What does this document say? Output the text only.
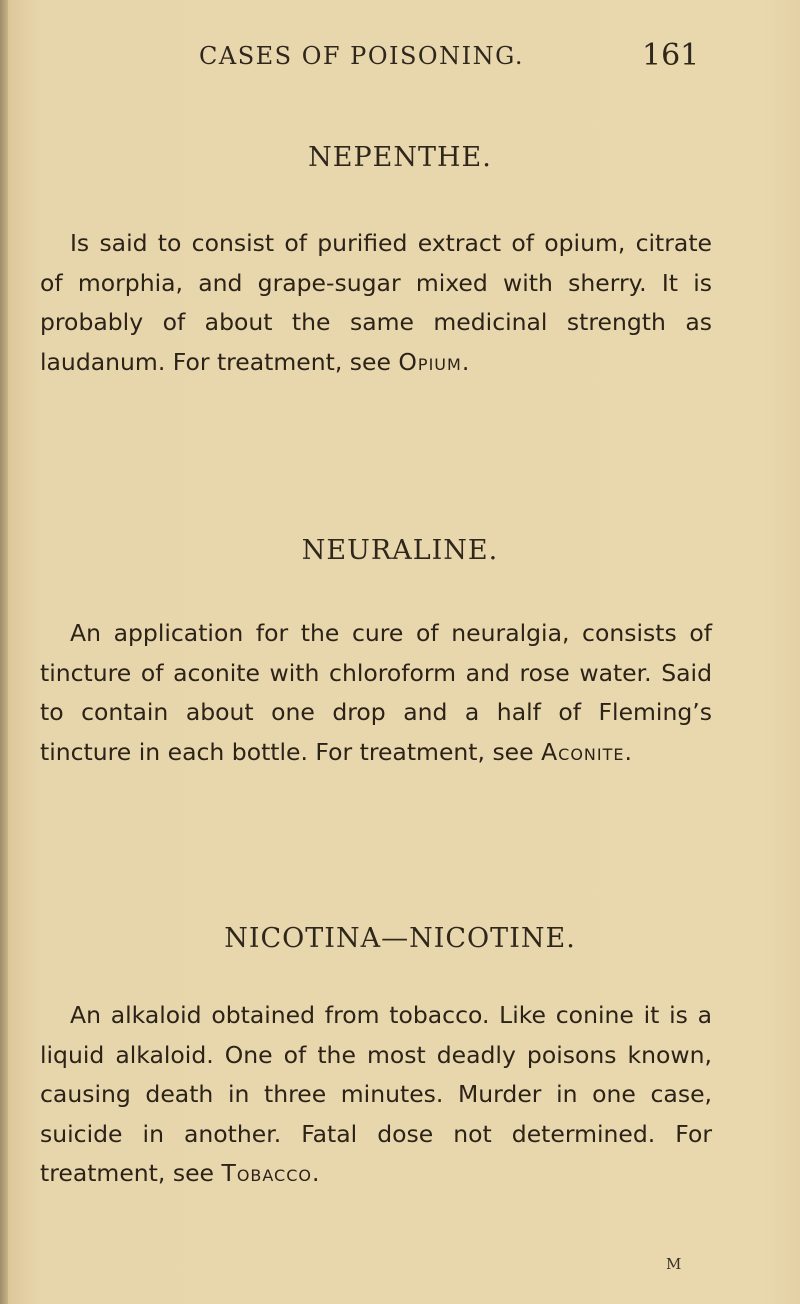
CASES OF POISONING.	161
NEPENTHE.
Is said to consist of purified extract of opium, citrate of morphia, and grape-sugar mixed with sherry. It is probably of about the same medicinal strength as laudanum. For treatment, see Opium.
NEURALINE.
An application for the cure of neuralgia, consists of tincture of aconite with chloroform and rose water. Said to contain about one drop and a half of Fleming’s tincture in each bottle. For treatment, see Aconite.
NICOTINA—NICOTINE.
An alkaloid obtained from tobacco. Like conine it is a liquid alkaloid. One of the most deadly poisons known, causing death in three minutes. Murder in one case, suicide in another. Fatal dose not determined. For treatment, see Tobacco.
M
